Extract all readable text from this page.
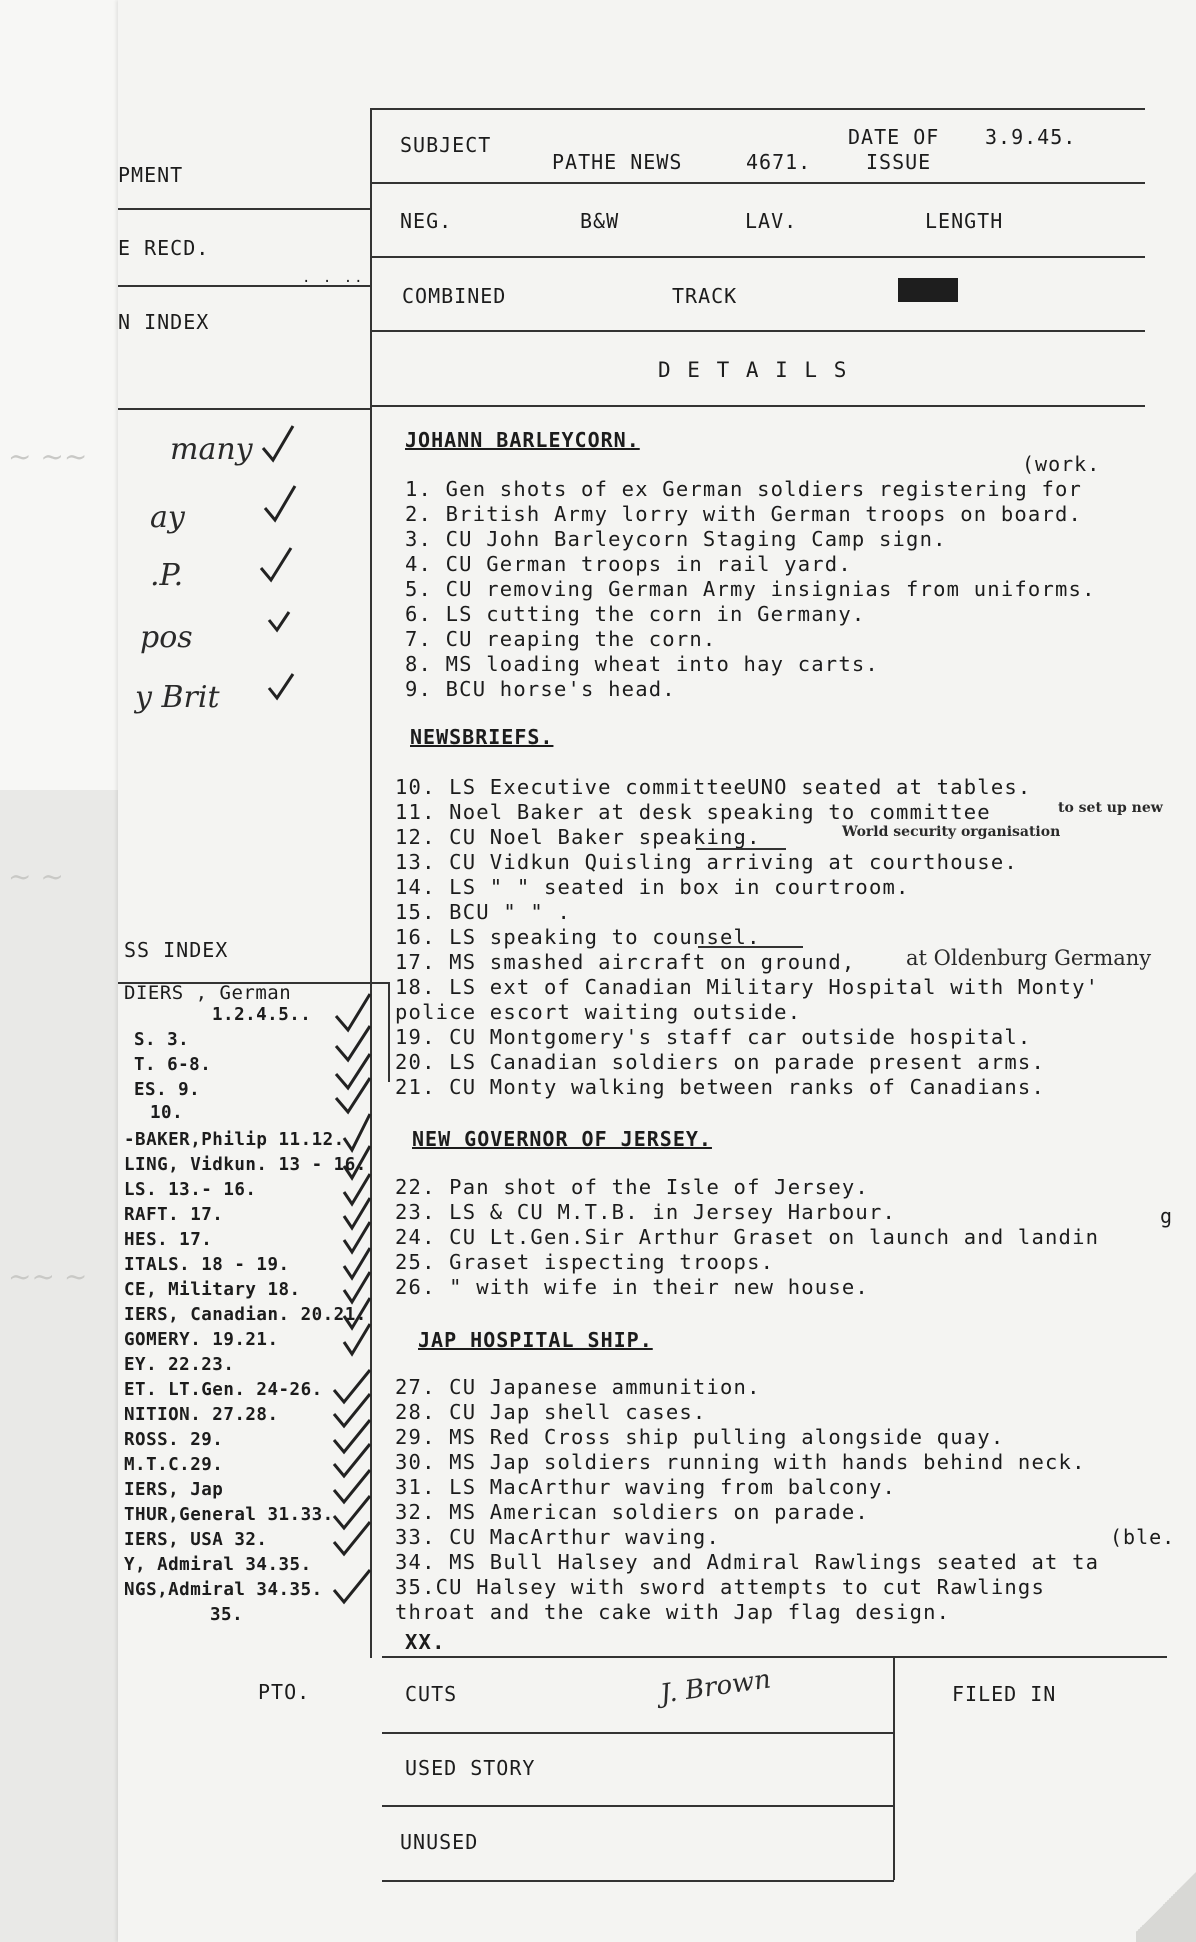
~ ~~
~ ~
~~ ~
SUBJECT
PATHE NEWS	4671.
DATE OF 3.9.45.
ISSUE
NEG.	B&W	LAV.	LENGTH
COMBINED	TRACK
D E T A I L S
PMENT
E RECD.
. . ..
N INDEX
SS INDEX
many
ay
.P.
pos
y Brit
JOHANN BARLEYCORN.
(work.
NEWSBRIEFS.
NEW GOVERNOR OF JERSEY.
JAP HOSPITAL SHIP.
1. Gen shots of ex German soldiers registering for
2. British Army lorry with German troops on board.
3. CU John Barleycorn Staging Camp sign.
4. CU German troops in rail yard.
5. CU removing German Army insignias from uniforms.
6. LS cutting the corn in Germany.
7. CU reaping the corn.
8. MS loading wheat into hay carts.
9. BCU horse's head.
10. LS Executive committeeUNO seated at tables.
11. Noel Baker at desk speaking to committee
12. CU Noel Baker speaking.
13. CU Vidkun Quisling arriving at courthouse.
14. LS " " seated in box in courtroom.
15. BCU " " .
16. LS speaking to counsel.
17. MS smashed aircraft on ground,
18. LS ext of Canadian Military Hospital with Monty'
police escort waiting outside.
19. CU Montgomery's staff car outside hospital.
20. LS Canadian soldiers on parade present arms.
21. CU Monty walking between ranks of Canadians.
22. Pan shot of the Isle of Jersey.
23. LS & CU M.T.B. in Jersey Harbour.
24. CU Lt.Gen.Sir Arthur Graset on launch and landin
25. Graset ispecting troops.
26. " with wife in their new house.
27. CU Japanese ammunition.
28. CU Jap shell cases.
29. MS Red Cross ship pulling alongside quay.
30. MS Jap soldiers running with hands behind neck.
31. LS MacArthur waving from balcony.
32. MS American soldiers on parade.
33. CU MacArthur waving.
34. MS Bull Halsey and Admiral Rawlings seated at ta
35.CU Halsey with sword attempts to cut Rawlings
throat and the cake with Jap flag design.
XX.
to set up new
World security organisation
at Oldenburg Germany
g
(ble.
DIERS , German
1.2.4.5..
S. 3.
T. 6-8.
ES. 9.
10.
-BAKER,Philip 11.12.
LING, Vidkun. 13 - 16.
LS. 13.- 16.
RAFT. 17.
HES. 17.
ITALS. 18 - 19.
CE, Military 18.
IERS, Canadian. 20.21.
GOMERY. 19.21.
EY. 22.23.
ET. LT.Gen. 24-26.
NITION. 27.28.
ROSS. 29.
M.T.C.29.
IERS, Jap
THUR,General 31.33.
IERS, USA 32.
Y, Admiral 34.35.
NGS,Admiral 34.35.
35.
PTO.	CUTS	J. Brown	FILED IN
USED STORY
UNUSED
